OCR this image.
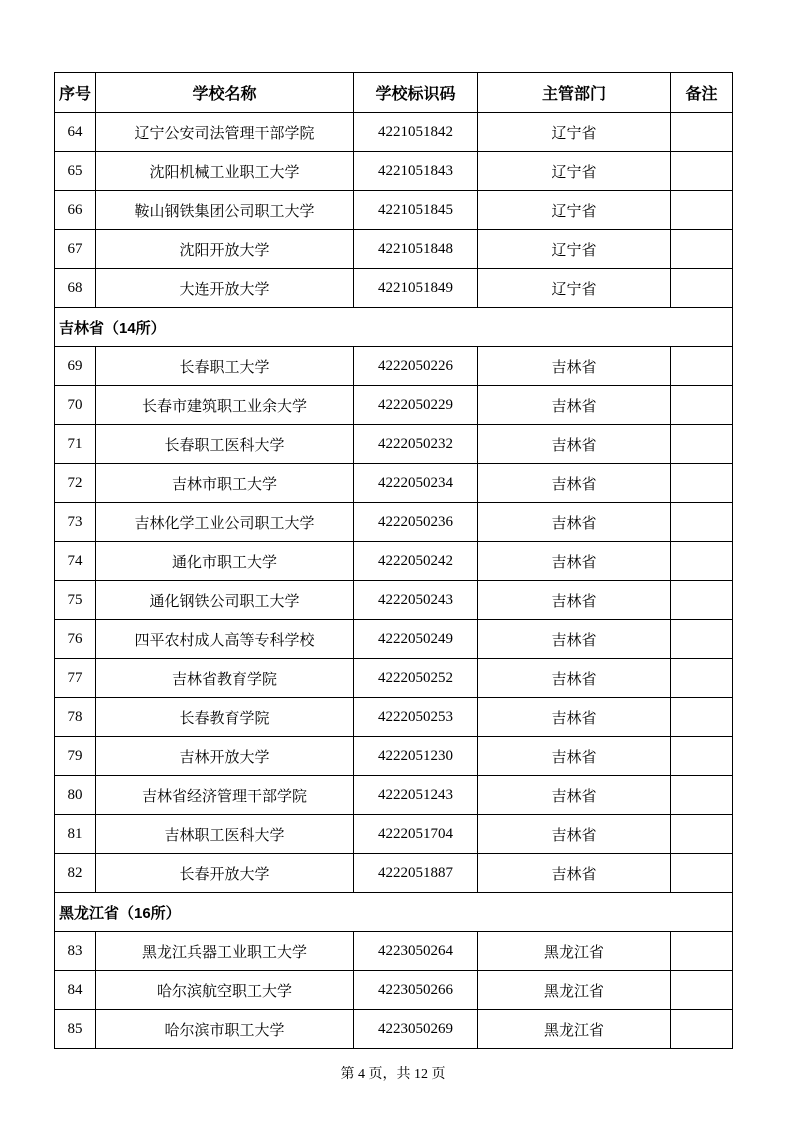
序号	学校名称	学校标识码	主管部门	备注
64	辽宁公安司法管理干部学院	4221051842	辽宁省	
65	沈阳机械工业职工大学	4221051843	辽宁省	
66	鞍山钢铁集团公司职工大学	4221051845	辽宁省	
67	沈阳开放大学	4221051848	辽宁省	
68	大连开放大学	4221051849	辽宁省	
吉林省（14所）				
69	长春职工大学	4222050226	吉林省	
70	长春市建筑职工业余大学	4222050229	吉林省	
71	长春职工医科大学	4222050232	吉林省	
72	吉林市职工大学	4222050234	吉林省	
73	吉林化学工业公司职工大学	4222050236	吉林省	
74	通化市职工大学	4222050242	吉林省	
75	通化钢铁公司职工大学	4222050243	吉林省	
76	四平农村成人高等专科学校	4222050249	吉林省	
77	吉林省教育学院	4222050252	吉林省	
78	长春教育学院	4222050253	吉林省	
79	吉林开放大学	4222051230	吉林省	
80	吉林省经济管理干部学院	4222051243	吉林省	
81	吉林职工医科大学	4222051704	吉林省	
82	长春开放大学	4222051887	吉林省	
黑龙江省（16所）				
83	黑龙江兵器工业职工大学	4223050264	黑龙江省	
84	哈尔滨航空职工大学	4223050266	黑龙江省	
85	哈尔滨市职工大学	4223050269	黑龙江省	
第 4 页，共 12 页
